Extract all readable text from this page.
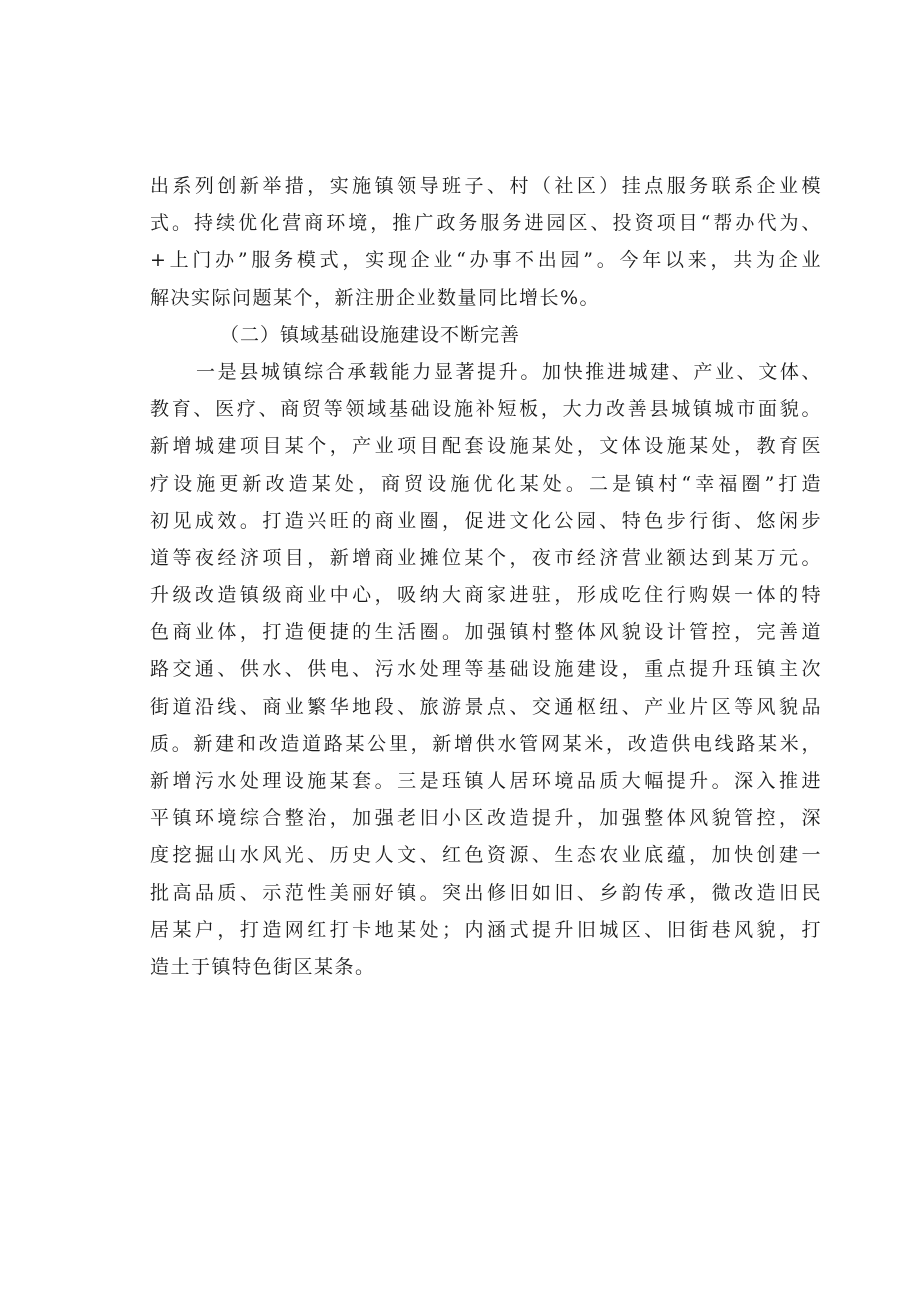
出系列创新举措，实施镇领导班子、村（社区）挂点服务联系企业模
式。持续优化营商环境，推广政务服务进园区、投资项目“帮办代为、
+上门办”服务模式，实现企业“办事不出园”。今年以来，共为企业
解决实际问题某个，新注册企业数量同比增长%。
（二）镇域基础设施建设不断完善
一是县城镇综合承载能力显著提升。加快推进城建、产业、文体、
教育、医疗、商贸等领域基础设施补短板，大力改善县城镇城市面貌。
新增城建项目某个，产业项目配套设施某处，文体设施某处，教育医
疗设施更新改造某处，商贸设施优化某处。二是镇村“幸福圈”打造
初见成效。打造兴旺的商业圈，促进文化公园、特色步行街、悠闲步
道等夜经济项目，新增商业摊位某个，夜市经济营业额达到某万元。
升级改造镇级商业中心，吸纳大商家进驻，形成吃住行购娱一体的特
色商业体，打造便捷的生活圈。加强镇村整体风貌设计管控，完善道
路交通、供水、供电、污水处理等基础设施建设，重点提升珏镇主次
街道沿线、商业繁华地段、旅游景点、交通枢纽、产业片区等风貌品
质。新建和改造道路某公里，新增供水管网某米，改造供电线路某米，
新增污水处理设施某套。三是珏镇人居环境品质大幅提升。深入推进
平镇环境综合整治，加强老旧小区改造提升，加强整体风貌管控，深
度挖掘山水风光、历史人文、红色资源、生态农业底蕴，加快创建一
批高品质、示范性美丽好镇。突出修旧如旧、乡韵传承，微改造旧民
居某户，打造网红打卡地某处；内涵式提升旧城区、旧街巷风貌，打
造土于镇特色街区某条。
